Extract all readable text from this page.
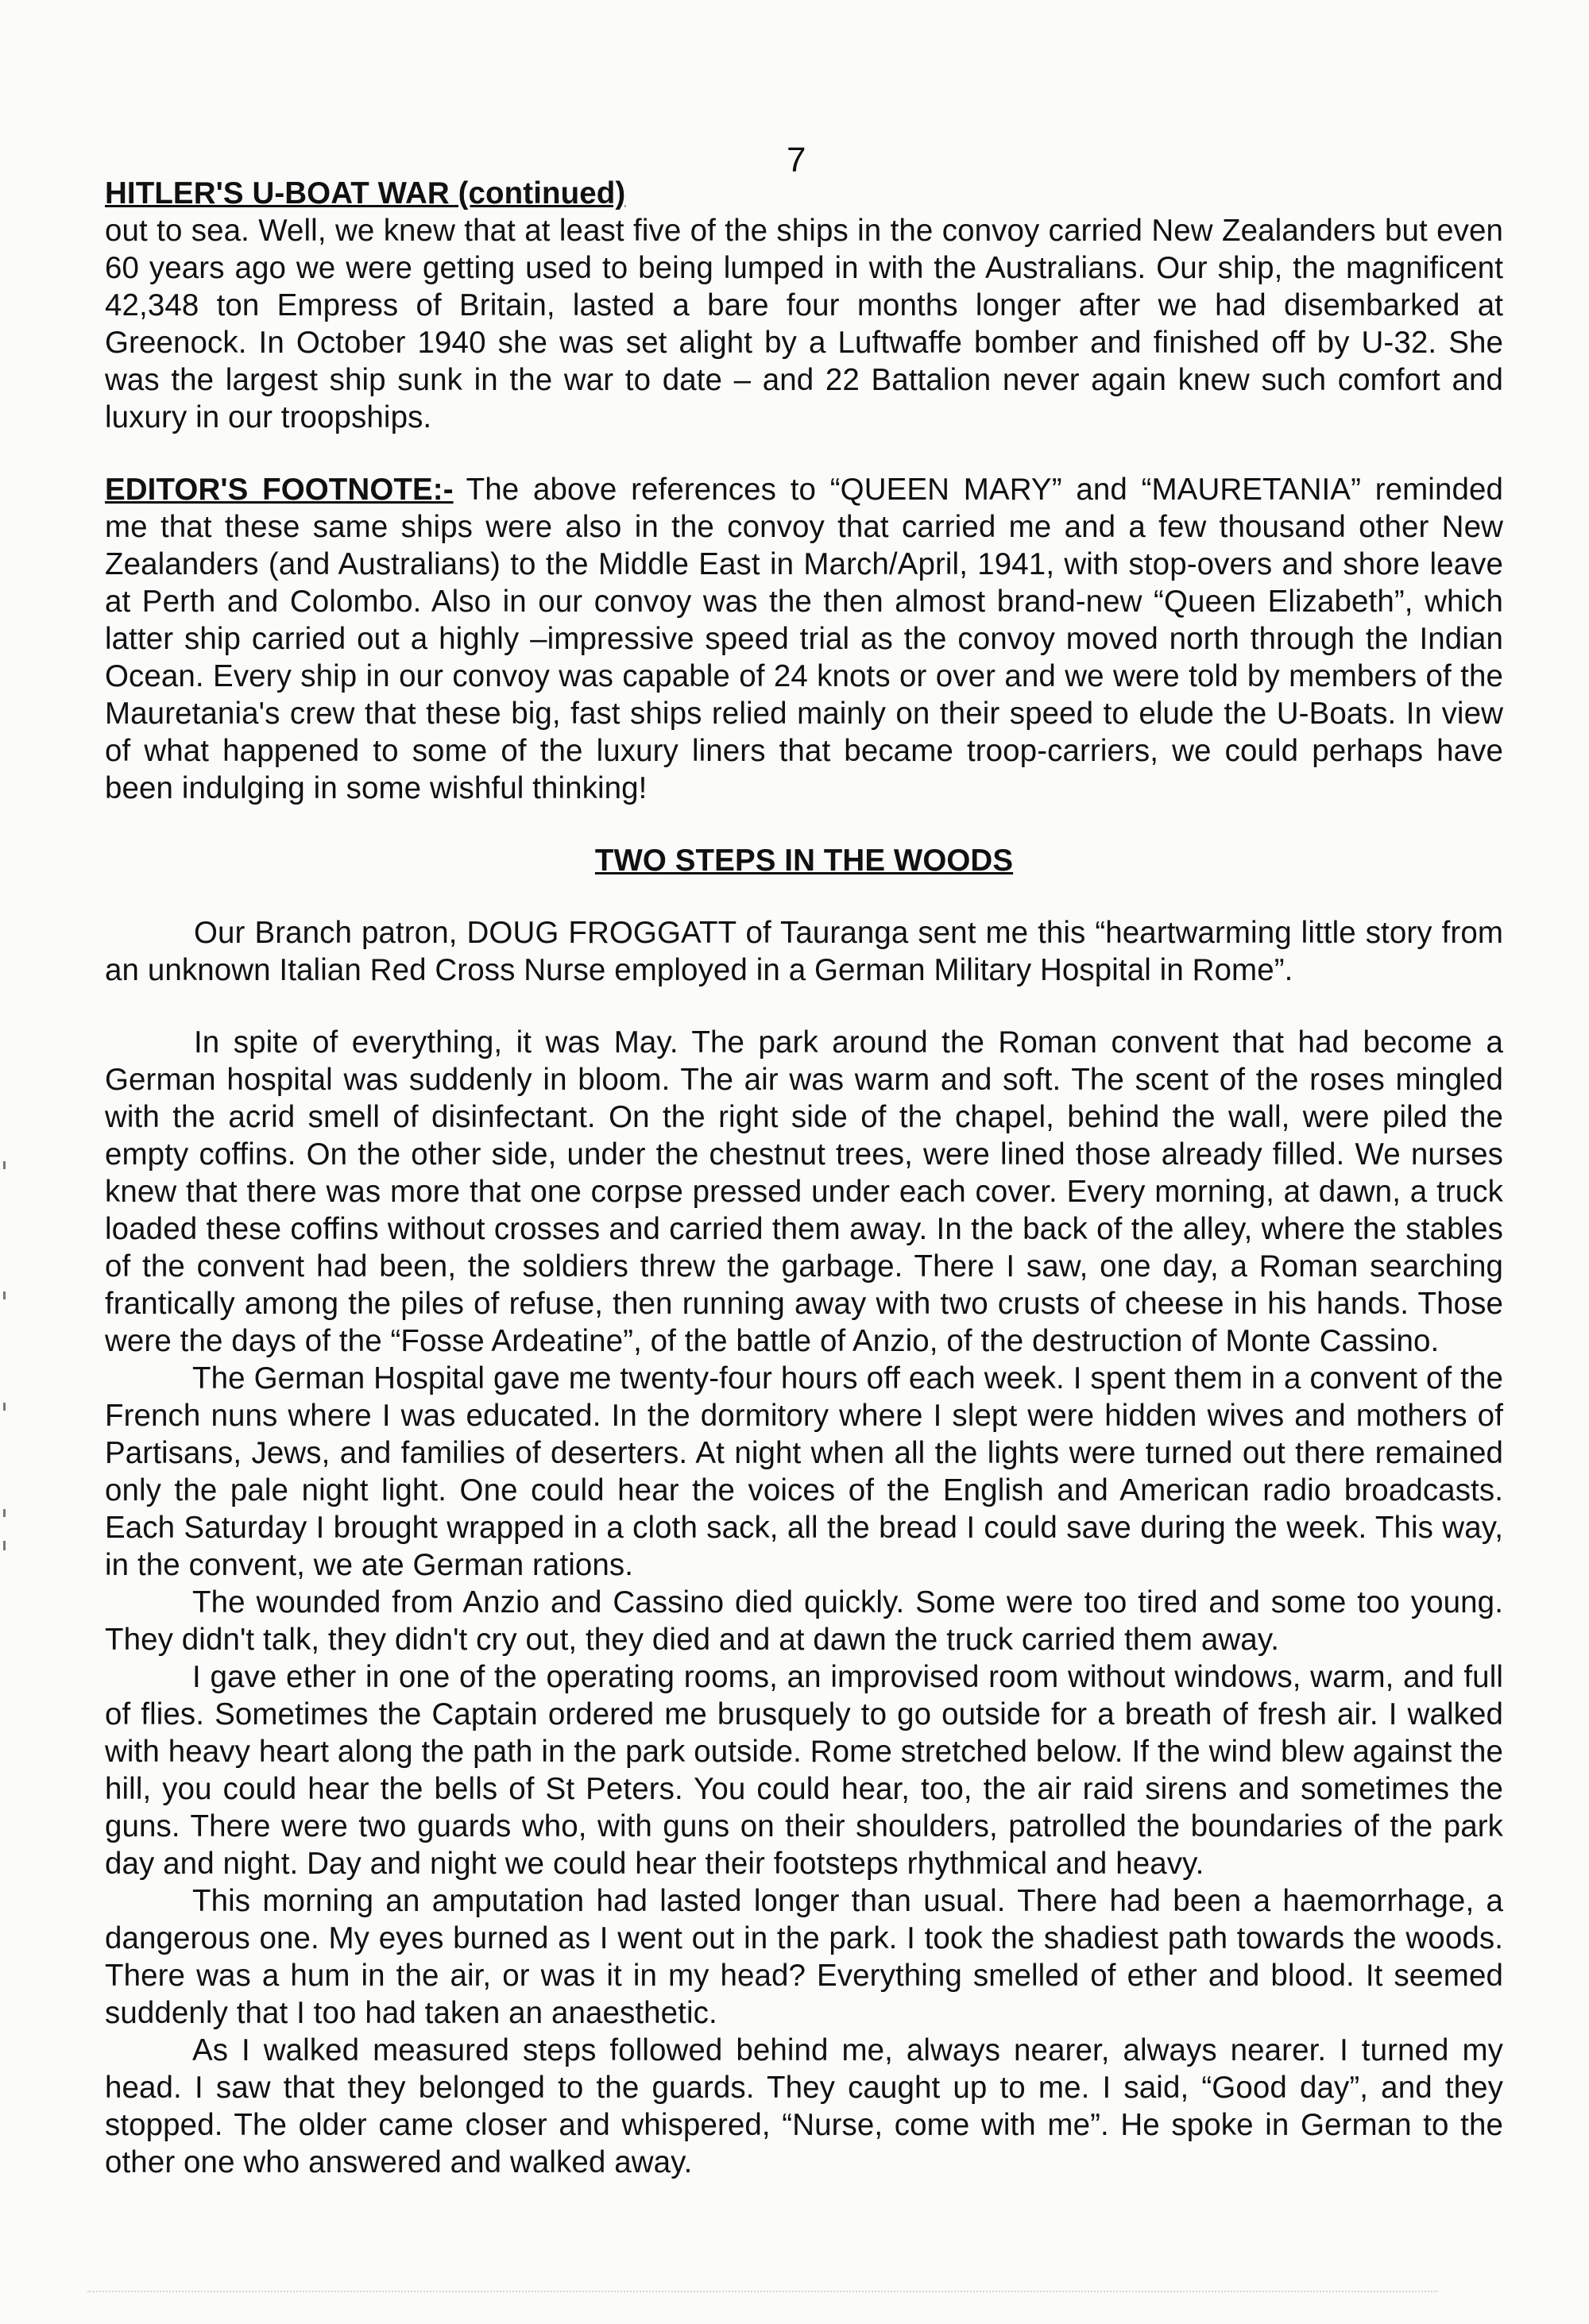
7
HITLER'S U-BOAT WAR (continued)

out to sea. Well, we knew that at least five of the ships in the convoy carried New Zealanders but even 60 years ago we were getting used to being lumped in with the Australians. Our ship, the magnificent 42,348 ton Empress of Britain, lasted a bare four months longer after we had disembarked at Greenock. In October 1940 she was set alight by a Luftwaffe bomber and finished off by U-32. She was the largest ship sunk in the war to date – and 22 Battalion never again knew such comfort and luxury in our troopships.

EDITOR'S FOOTNOTE:- The above references to “QUEEN MARY” and “MAURETANIA” reminded me that these same ships were also in the convoy that carried me and a few thousand other New Zealanders (and Australians) to the Middle East in March/April, 1941, with stop-overs and shore leave at Perth and Colombo. Also in our convoy was the then almost brand-new “Queen Elizabeth”, which latter ship carried out a highly –impressive speed trial as the convoy moved north through the Indian Ocean. Every ship in our convoy was capable of 24 knots or over and we were told by members of the Mauretania's crew that these big, fast ships relied mainly on their speed to elude the U-Boats. In view of what happened to some of the luxury liners that became troop-carriers, we could perhaps have been indulging in some wishful thinking!

TWO STEPS IN THE WOODS

Our Branch patron, DOUG FROGGATT of Tauranga sent me this “heartwarming little story from an unknown Italian Red Cross Nurse employed in a German Military Hospital in Rome”.

In spite of everything, it was May. The park around the Roman convent that had become a German hospital was suddenly in bloom. The air was warm and soft. The scent of the roses mingled with the acrid smell of disinfectant. On the right side of the chapel, behind the wall, were piled the empty coffins. On the other side, under the chestnut trees, were lined those already filled. We nurses knew that there was more that one corpse pressed under each cover. Every morning, at dawn, a truck loaded these coffins without crosses and carried them away. In the back of the alley, where the stables of the convent had been, the soldiers threw the garbage. There I saw, one day, a Roman searching frantically among the piles of refuse, then running away with two crusts of cheese in his hands. Those were the days of the “Fosse Ardeatine”, of the battle of Anzio, of the destruction of Monte Cassino.

The German Hospital gave me twenty-four hours off each week. I spent them in a convent of the French nuns where I was educated. In the dormitory where I slept were hidden wives and mothers of Partisans, Jews, and families of deserters. At night when all the lights were turned out there remained only the pale night light. One could hear the voices of the English and American radio broadcasts. Each Saturday I brought wrapped in a cloth sack, all the bread I could save during the week. This way, in the convent, we ate German rations.

The wounded from Anzio and Cassino died quickly. Some were too tired and some too young. They didn't talk, they didn't cry out, they died and at dawn the truck carried them away.

I gave ether in one of the operating rooms, an improvised room without windows, warm, and full of flies. Sometimes the Captain ordered me brusquely to go outside for a breath of fresh air. I walked with heavy heart along the path in the park outside. Rome stretched below. If the wind blew against the hill, you could hear the bells of St Peters. You could hear, too, the air raid sirens and sometimes the guns. There were two guards who, with guns on their shoulders, patrolled the boundaries of the park day and night. Day and night we could hear their footsteps rhythmical and heavy.

This morning an amputation had lasted longer than usual. There had been a haemorrhage, a dangerous one. My eyes burned as I went out in the park. I took the shadiest path towards the woods. There was a hum in the air, or was it in my head? Everything smelled of ether and blood. It seemed suddenly that I too had taken an anaesthetic.

As I walked measured steps followed behind me, always nearer, always nearer. I turned my head. I saw that they belonged to the guards. They caught up to me. I said, “Good day”, and they stopped. The older came closer and whispered, “Nurse, come with me”. He spoke in German to the other one who answered and walked away.
